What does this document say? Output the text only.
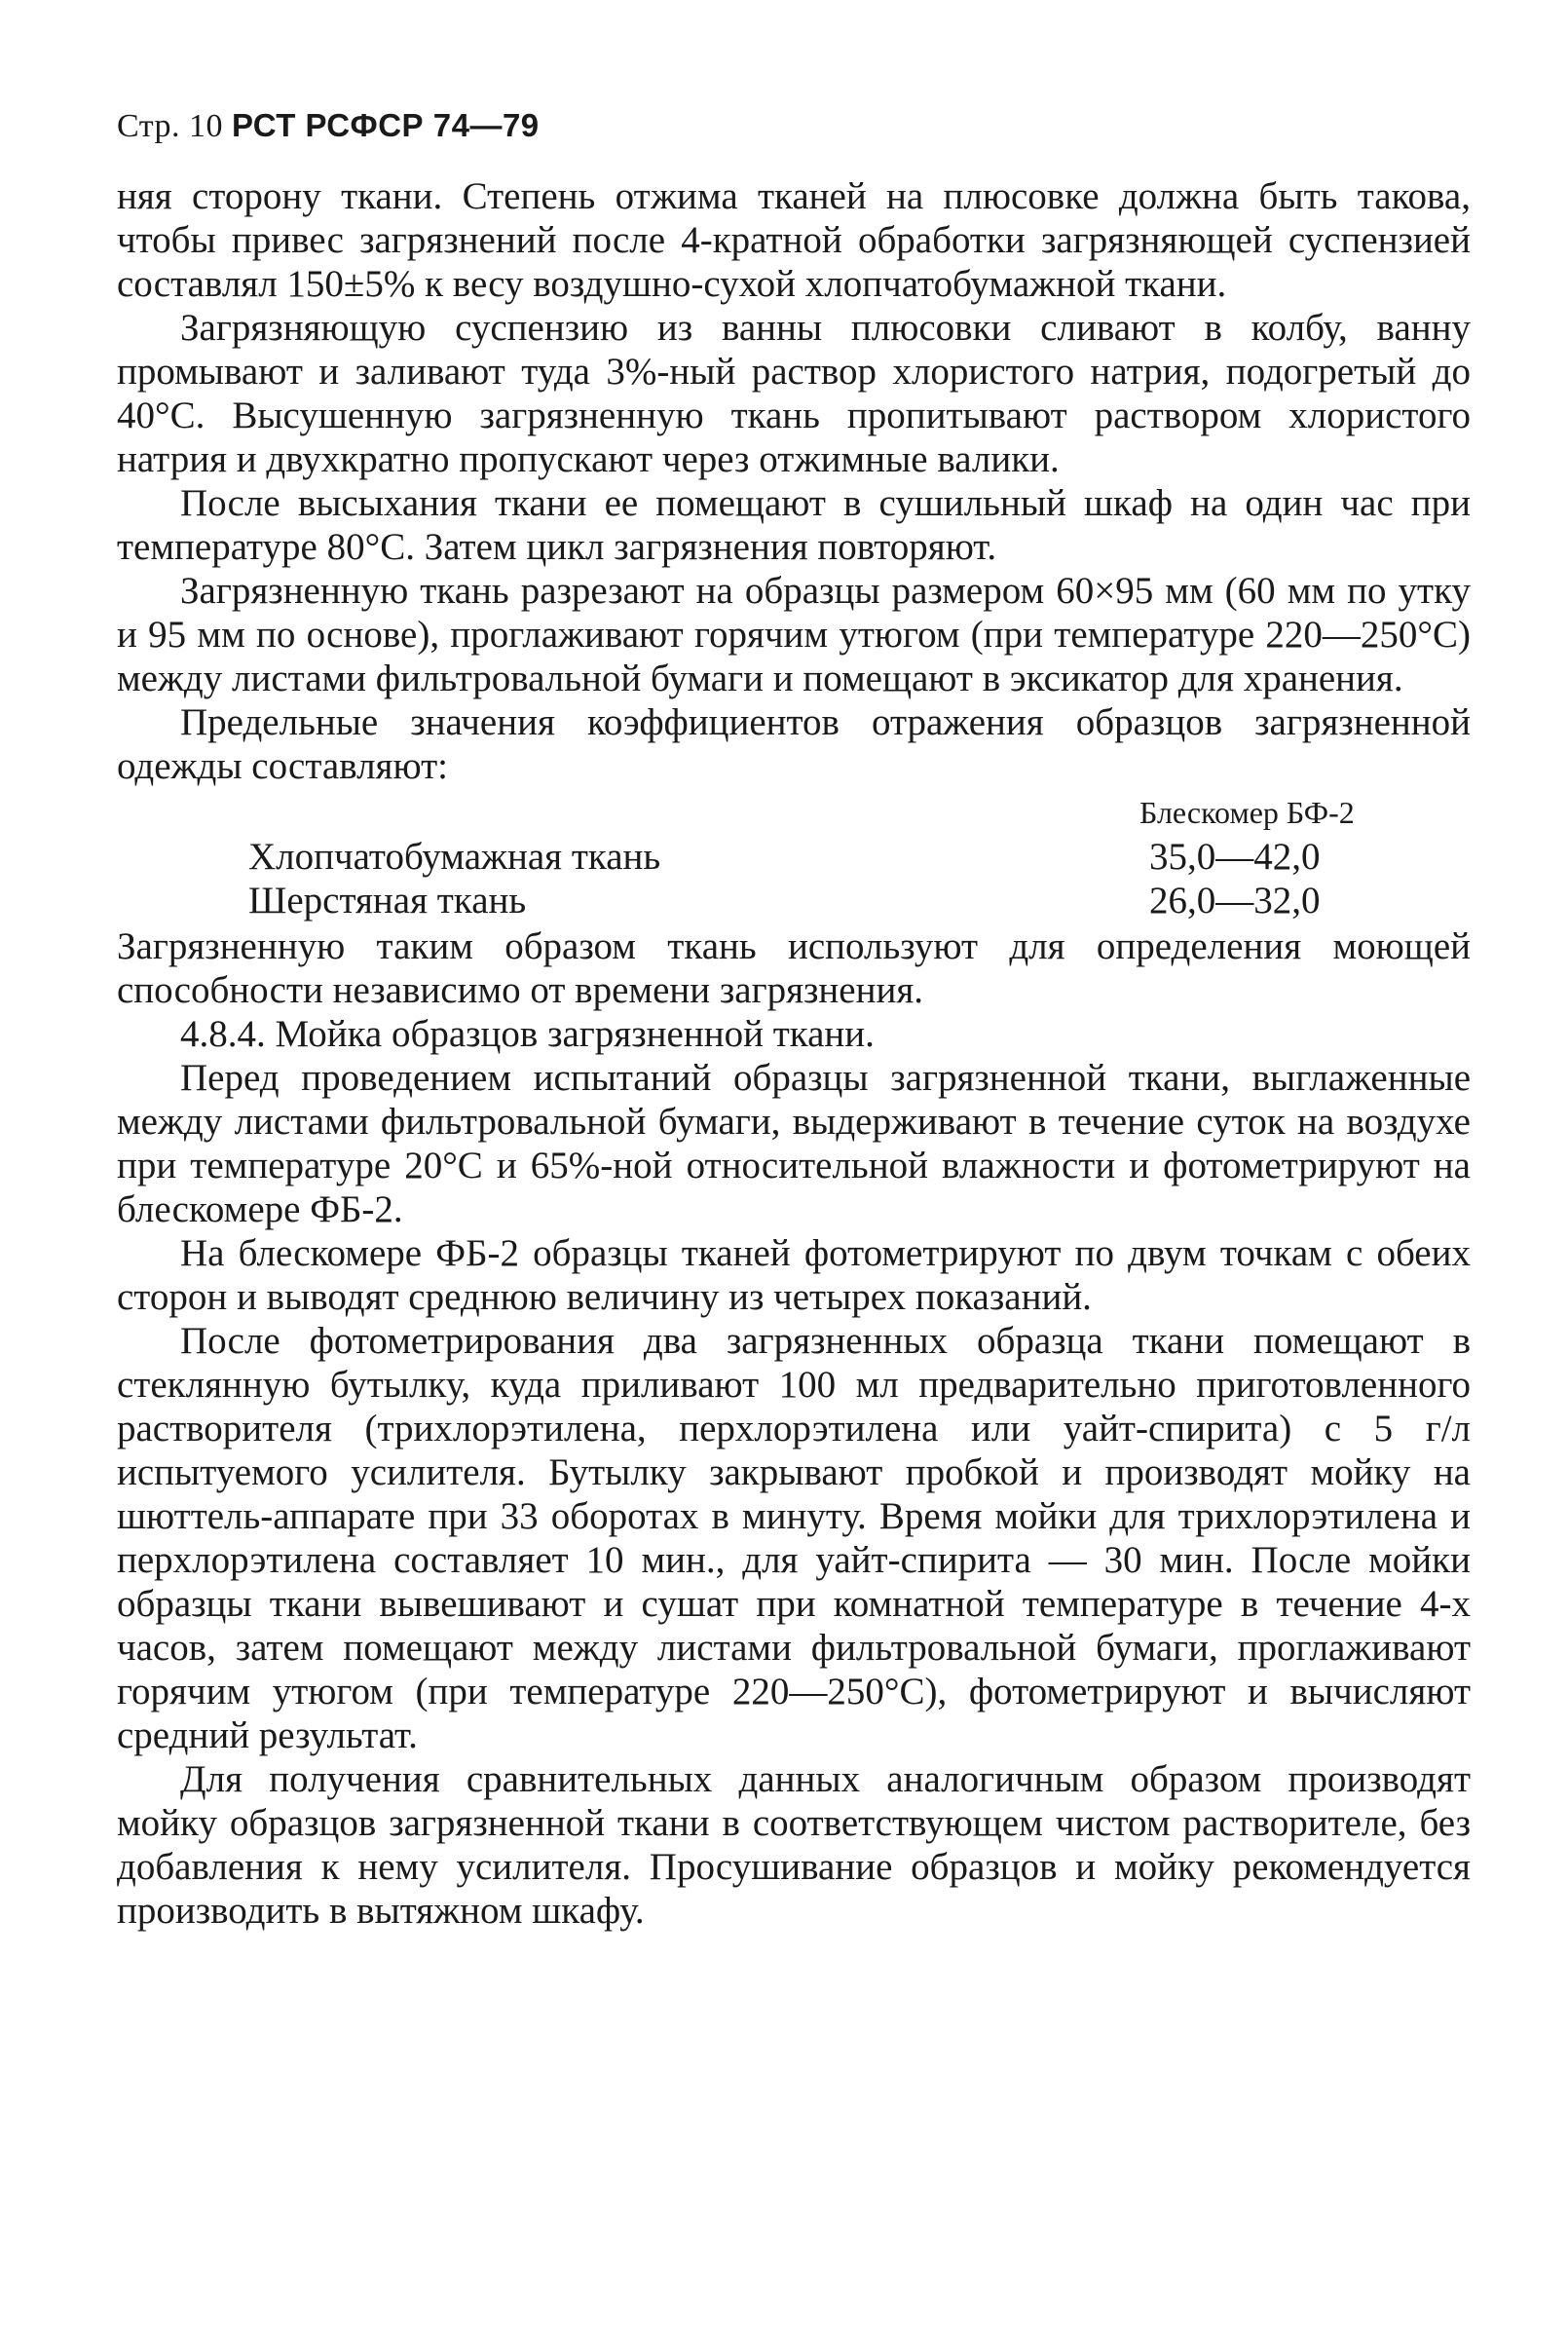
Стр. 10 РСТ РСФСР 74—79

няя сторону ткани. Степень отжима тканей на плюсовке должна быть такова, чтобы привес загрязнений после 4-кратной обработки загрязняющей суспензией составлял 150±5% к весу воздушно-сухой хлопчатобумажной ткани.

Загрязняющую суспензию из ванны плюсовки сливают в колбу, ванну промывают и заливают туда 3%-ный раствор хлористого натрия, подогретый до 40°С. Высушенную загрязненную ткань пропитывают раствором хлористого натрия и двухкратно пропускают через отжимные валики.

После высыхания ткани ее помещают в сушильный шкаф на один час при температуре 80°С. Затем цикл загрязнения повторяют.

Загрязненную ткань разрезают на образцы размером 60×95 мм (60 мм по утку и 95 мм по основе), проглаживают горячим утюгом (при температуре 220—250°С) между листами фильтровальной бумаги и помещают в эксикатор для хранения.

Предельные значения коэффициентов отражения образцов загрязненной одежды составляют:

Блескомер БФ-2
Хлопчатобумажная ткань	35,0—42,0
Шерстяная ткань	26,0—32,0

Загрязненную таким образом ткань используют для определения моющей способности независимо от времени загрязнения.

4.8.4. Мойка образцов загрязненной ткани.

Перед проведением испытаний образцы загрязненной ткани, выглаженные между листами фильтровальной бумаги, выдерживают в течение суток на воздухе при температуре 20°С и 65%-ной относительной влажности и фотометрируют на блескомере ФБ-2.

На блескомере ФБ-2 образцы тканей фотометрируют по двум точкам с обеих сторон и выводят среднюю величину из четырех показаний.

После фотометрирования два загрязненных образца ткани помещают в стеклянную бутылку, куда приливают 100 мл предварительно приготовленного растворителя (трихлорэтилена, перхлорэтилена или уайт-спирита) с 5 г/л испытуемого усилителя. Бутылку закрывают пробкой и производят мойку на шюттель-аппарате при 33 оборотах в минуту. Время мойки для трихлорэтилена и перхлорэтилена составляет 10 мин., для уайт-спирита — 30 мин. После мойки образцы ткани вывешивают и сушат при комнатной температуре в течение 4-х часов, затем помещают между листами фильтровальной бумаги, проглаживают горячим утюгом (при температуре 220—250°С), фотометрируют и вычисляют средний результат.

Для получения сравнительных данных аналогичным образом производят мойку образцов загрязненной ткани в соответствующем чистом растворителе, без добавления к нему усилителя. Просушивание образцов и мойку рекомендуется производить в вытяжном шкафу.
